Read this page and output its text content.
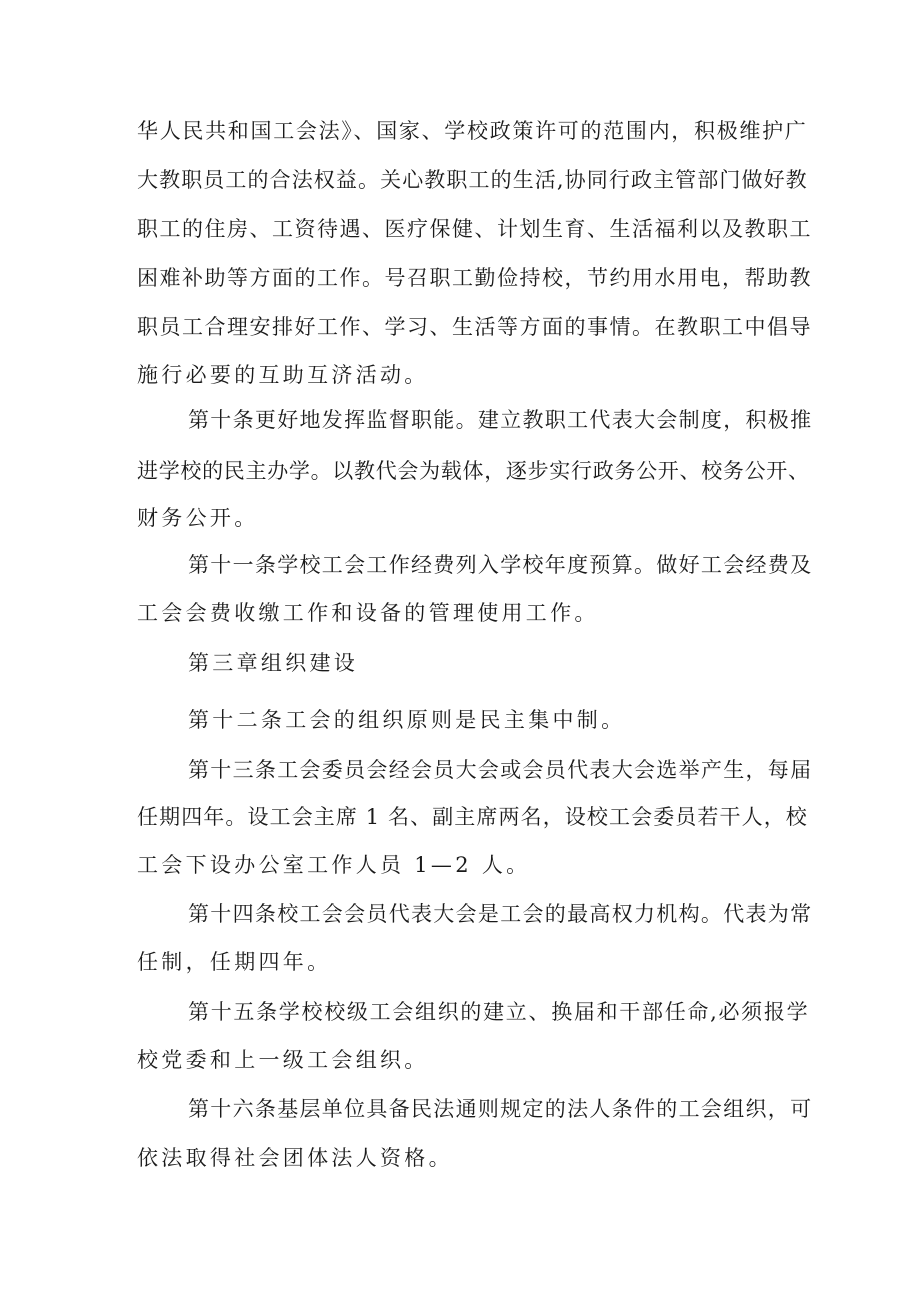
华人民共和国工会法》、国家、学校政策许可的范围内，积极维护广

大教职员工的合法权益。关心教职工的生活,协同行政主管部门做好教

职工的住房、工资待遇、医疗保健、计划生育、生活福利以及教职工

困难补助等方面的工作。号召职工勤俭持校，节约用水用电，帮助教

职员工合理安排好工作、学习、生活等方面的事情。在教职工中倡导

施行必要的互助互济活动。

第十条更好地发挥监督职能。建立教职工代表大会制度，积极推

进学校的民主办学。以教代会为载体，逐步实行政务公开、校务公开、

财务公开。

第十一条学校工会工作经费列入学校年度预算。做好工会经费及

工会会费收缴工作和设备的管理使用工作。

第三章组织建设

第十二条工会的组织原则是民主集中制。

第十三条工会委员会经会员大会或会员代表大会选举产生，每届

任期四年。设工会主席 1 名、副主席两名，设校工会委员若干人，校

工会下设办公室工作人员 1—2 人。

第十四条校工会会员代表大会是工会的最高权力机构。代表为常

任制，任期四年。

第十五条学校校级工会组织的建立、换届和干部任命,必须报学

校党委和上一级工会组织。

第十六条基层单位具备民法通则规定的法人条件的工会组织，可

依法取得社会团体法人资格。
